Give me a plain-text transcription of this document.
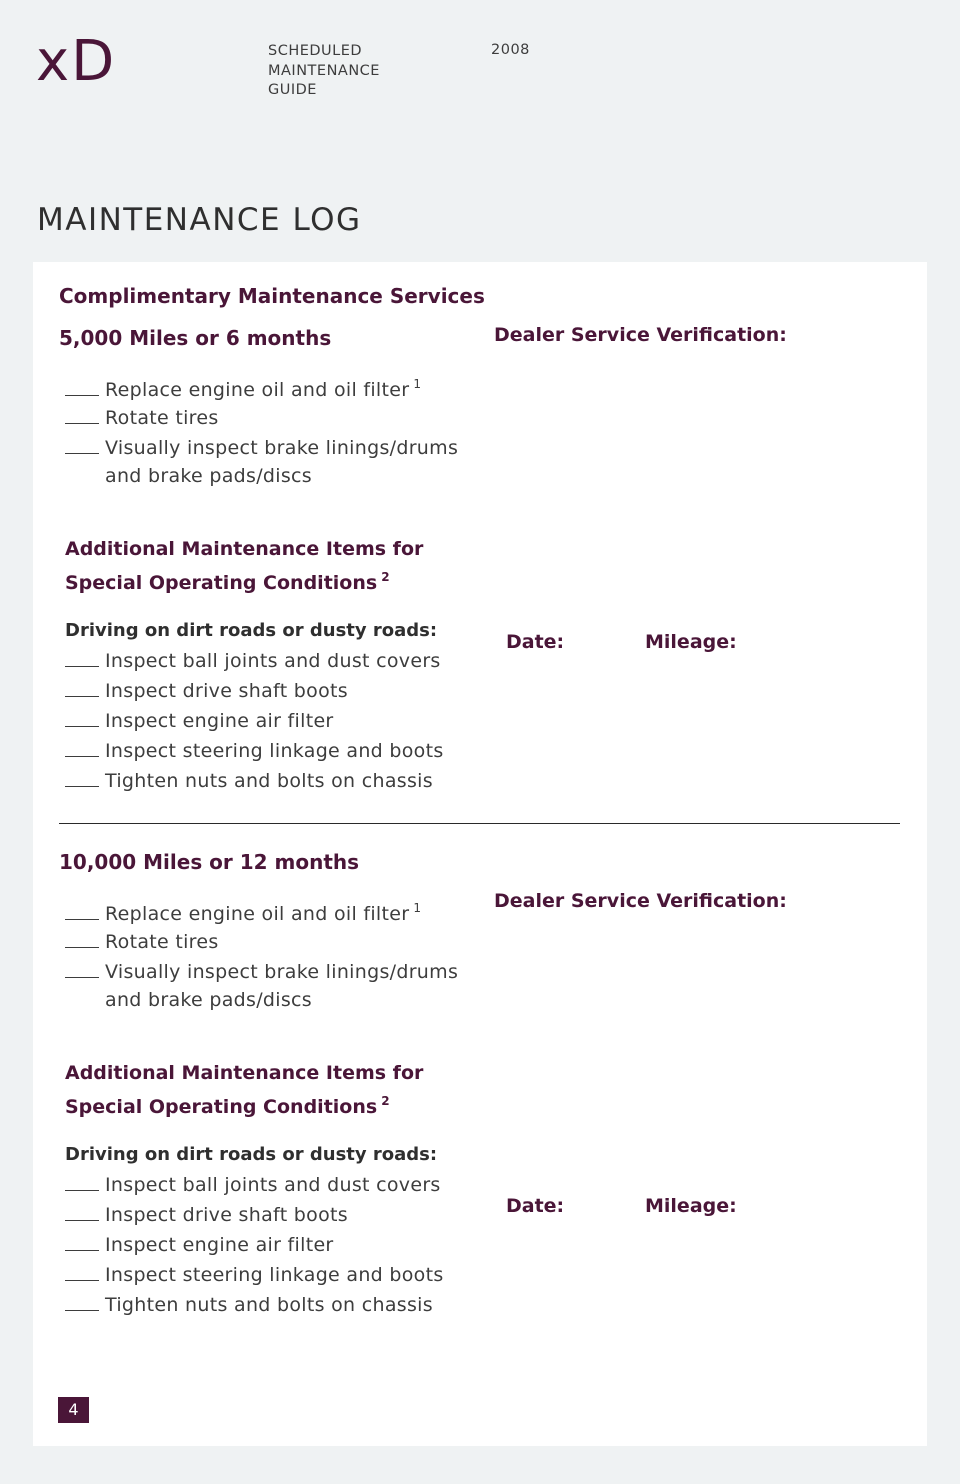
xD	SCHEDULED
MAINTENANCE
GUIDE
2008
MAINTENANCE LOG
Complimentary Maintenance Services
5,000 Miles or 6 months	Dealer Service Verification:
Replace engine oil and oil filter $^1$
Rotate tires
Visually inspect brake linings/drums
and brake pads/discs
Additional Maintenance Items for
Special Operating Conditions $^2$
Driving on dirt roads or dusty roads:
Inspect ball joints and dust covers
Inspect drive shaft boots
Inspect engine air filter
Inspect steering linkage and boots
Tighten nuts and bolts on chassis
Date:	Mileage:
10,000 Miles or 12 months
Dealer Service Verification:
Replace engine oil and oil filter $^1$
Rotate tires
Visually inspect brake linings/drums
and brake pads/discs
Additional Maintenance Items for
Special Operating Conditions $^2$
Driving on dirt roads or dusty roads:
Inspect ball joints and dust covers
Inspect drive shaft boots
Inspect engine air filter
Inspect steering linkage and boots
Tighten nuts and bolts on chassis
Date:	Mileage:
4
